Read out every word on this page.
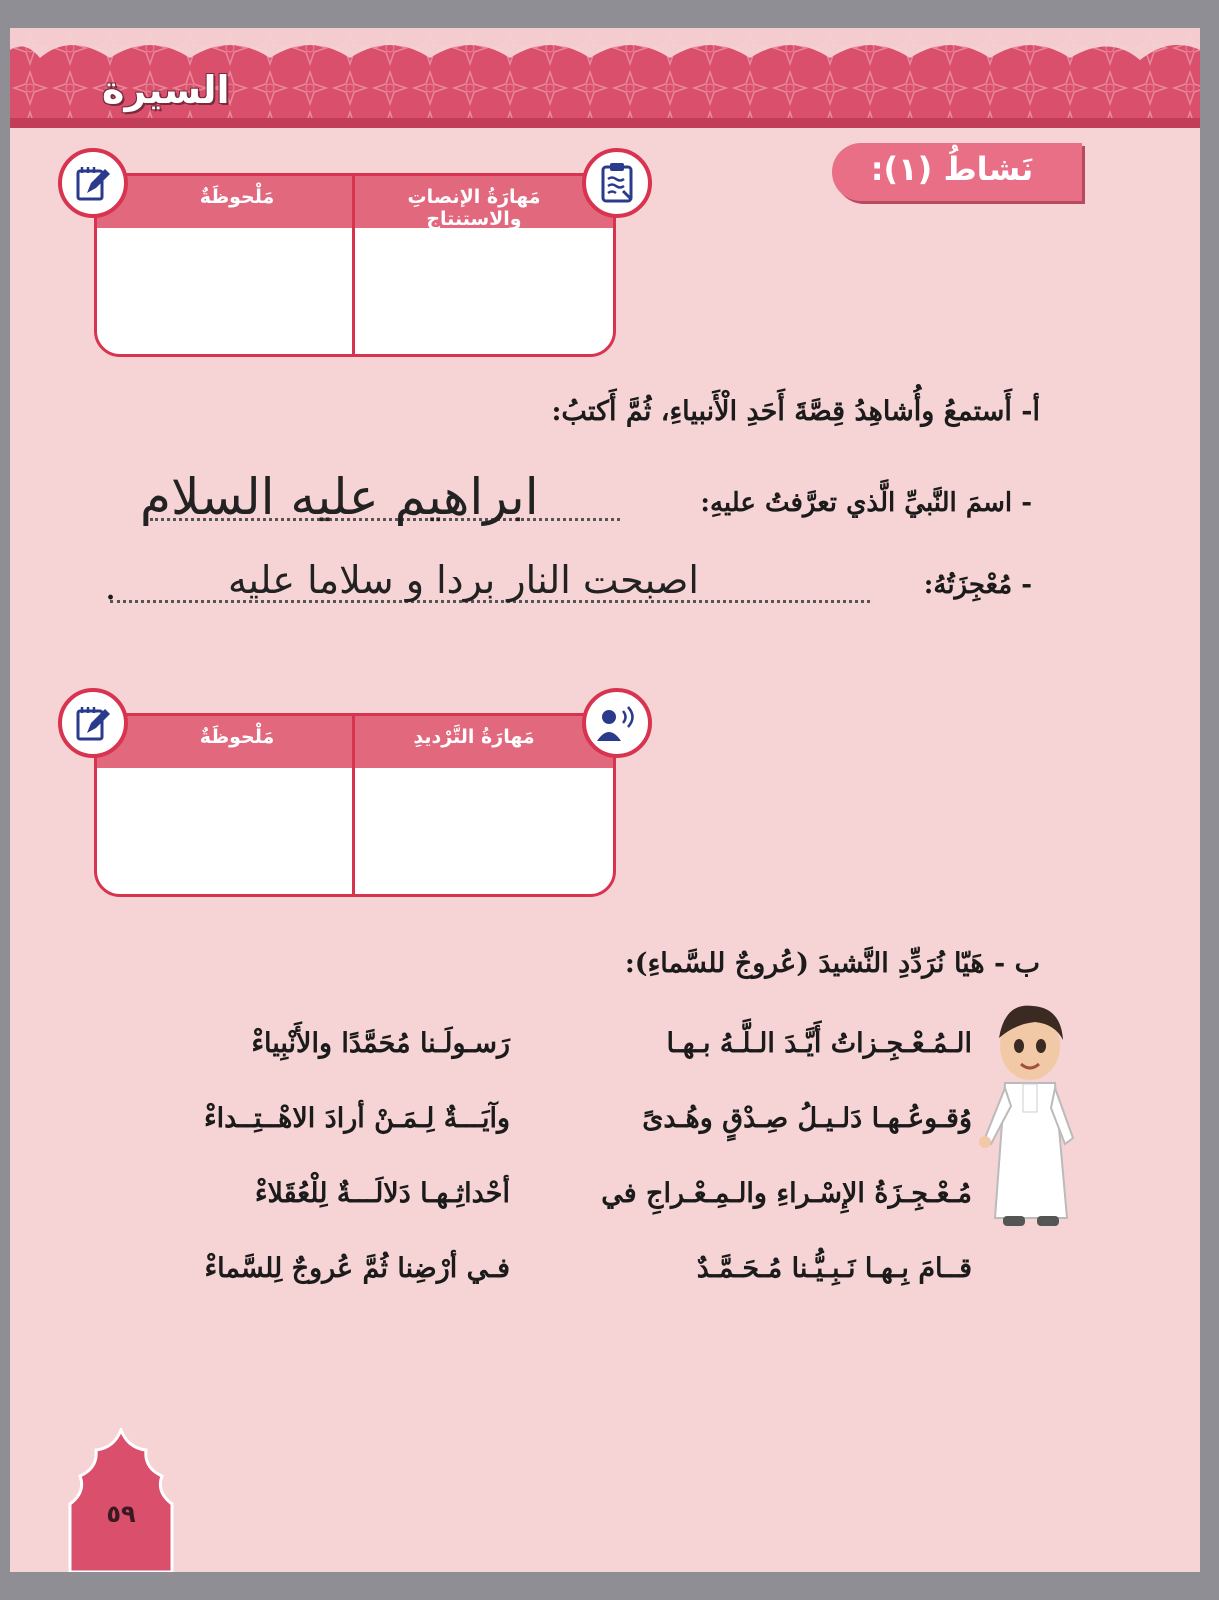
السيرة
نَشاطُ (١):
مَهارَةُ الإنصاتِ والاستنتاجِ
مَلْحوظَةٌ
أ- أَستمعُ وأُشاهِدُ قِصَّةَ أَحَدِ الْأَنبياءِ، ثُمَّ أَكتبُ:
- اسمَ النَّبيِّ الَّذي تعرَّفتُ عليهِ:
ابراهيم عليه السلام
- مُعْجِزَتُهُ:
اصبحت النار بردا و سلاما عليه
.
مَهارَةُ التَّرْديدِ
مَلْحوظَةٌ
ب - هَيّا نُرَدِّدِ النَّشيدَ (عُروجٌ للسَّماءِ):
الـمُـعْـجِـزاتُ أَيَّـدَ الـلَّـهُ بـهـا
رَسـولَـنا مُحَمَّدًا والأَنْبِياءْ
وُقـوعُـهـا دَلـيـلُ صِـدْقٍ وهُـدىً
وآيَـــةٌ لِـمَـنْ أرادَ الاهْــتِــداءْ
مُـعْـجِـزَةُ الإِسْـراءِ والـمِـعْـراجِ في
أحْداثِـهـا دَلالَـــةٌ لِلْعُقَلاءْ
قــامَ بِـهـا نَـبِـيُّـنا مُـحَـمَّـدٌ
فـي أرْضِنا ثُمَّ عُروجٌ لِلسَّماءْ
٥٩
